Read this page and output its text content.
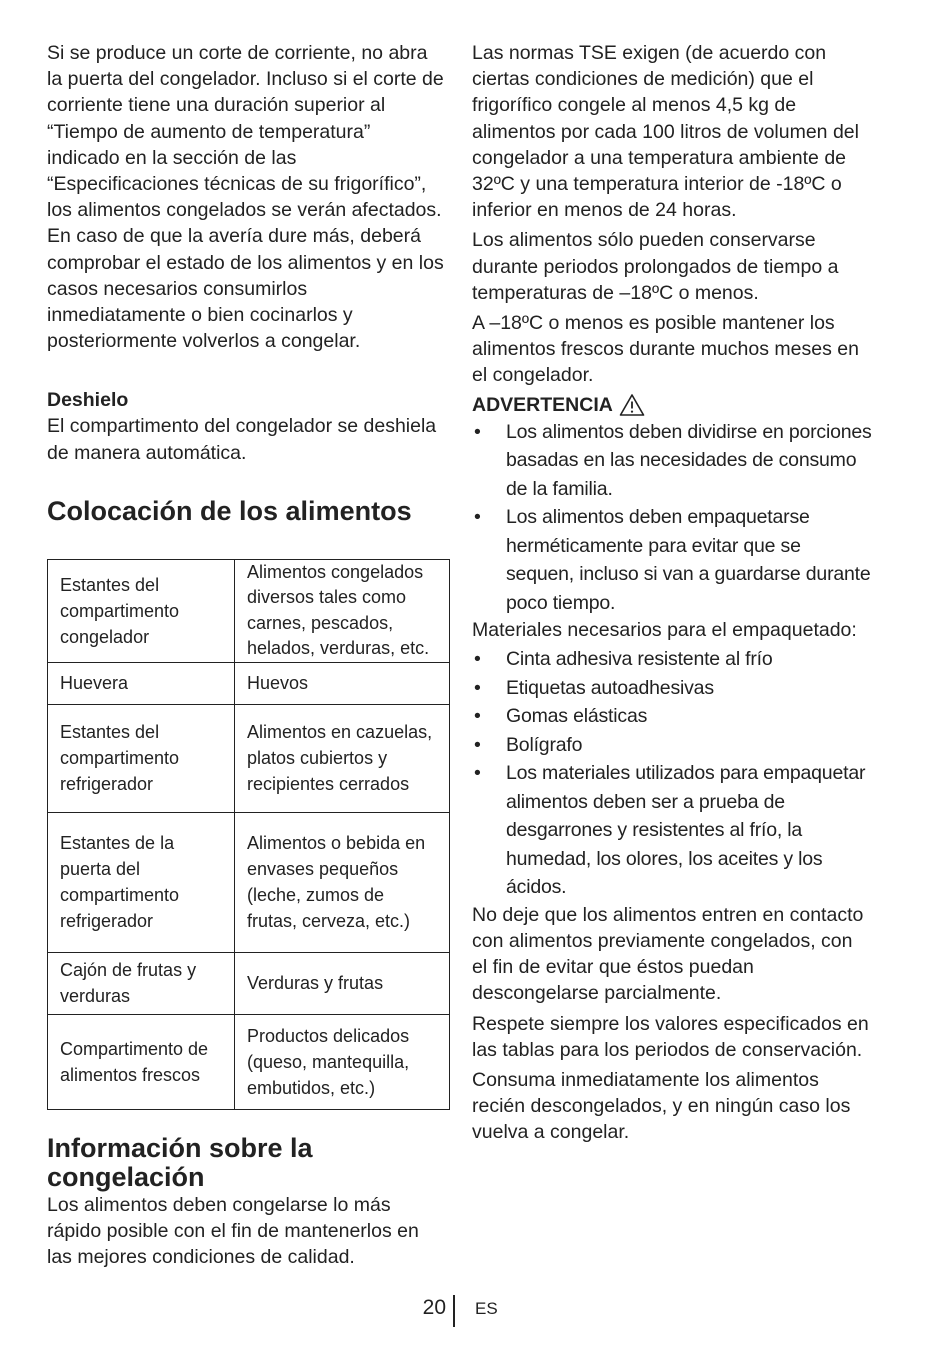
Si se produce un corte de corriente, no abra la puerta del congelador. Incluso si el corte de corriente tiene una duración superior al “Tiempo de aumento de temperatura” indicado en la sección de las “Especificaciones técnicas de su frigorífico”, los alimentos congelados se verán afectados. En caso de que la avería dure más, deberá comprobar el estado de los alimentos y en los casos necesarios consumirlos inmediatamente o bien cocinarlos y posteriormente volverlos a congelar.

Deshielo

El compartimento del congelador se deshiela de manera automática.

Colocación de los alimentos
Estantes del compartimento congelador	Alimentos congelados diversos tales como carnes, pescados, helados, verduras, etc.
Huevera	Huevos
Estantes del compartimento refrigerador	Alimentos en cazuelas, platos cubiertos y recipientes cerrados
Estantes de la puerta del compartimento refrigerador	Alimentos o bebida en envases pequeños (leche, zumos de frutas, cerveza, etc.)
Cajón de frutas y verduras	Verduras y frutas
Compartimento de alimentos frescos	Productos delicados (queso, mantequilla, embutidos, etc.)
Información sobre la congelación

Los alimentos deben congelarse lo más rápido posible con el fin de mantenerlos en las mejores condiciones de calidad.

Las normas TSE exigen (de acuerdo con ciertas condiciones de medición) que el frigorífico congele al menos 4,5 kg de alimentos por cada 100 litros de volumen del congelador a una temperatura ambiente de 32ºC y una temperatura interior de -18ºC o inferior en menos de 24 horas.

Los alimentos sólo pueden conservarse durante periodos prolongados de tiempo a temperaturas de –18ºC o menos.

A –18ºC o menos es posible mantener los alimentos frescos durante muchos meses en el congelador.

ADVERTENCIA
• Los alimentos deben dividirse en porciones basadas en las necesidades de consumo de la familia.
• Los alimentos deben empaquetarse herméticamente para evitar que se sequen, incluso si van a guardarse durante poco tiempo.

Materiales necesarios para el empaquetado:

• Cinta adhesiva resistente al frío
• Etiquetas autoadhesivas
• Gomas elásticas
• Bolígrafo
• Los materiales utilizados para empaquetar alimentos deben ser a prueba de desgarrones y resistentes al frío, la humedad, los olores, los aceites y los ácidos.

No deje que los alimentos entren en contacto con alimentos previamente congelados, con el fin de evitar que éstos puedan descongelarse parcialmente.

Respete siempre los valores especificados en las tablas para los periodos de conservación.

Consuma inmediatamente los alimentos recién descongelados, y en ningún caso los vuelva a congelar.

20 ES
